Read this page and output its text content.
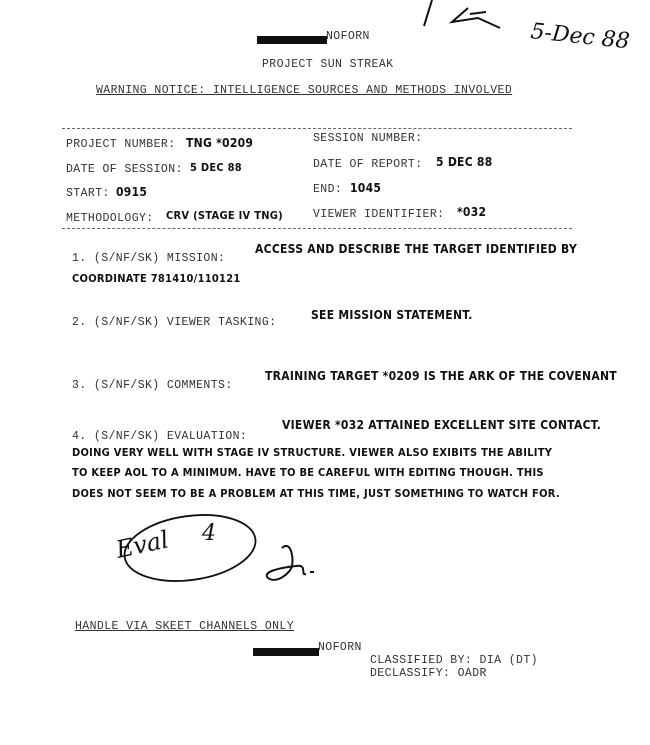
5-Dec 88
Eval 4
NOFORN
PROJECT SUN STREAK
WARNING NOTICE: INTELLIGENCE SOURCES AND METHODS INVOLVED
PROJECT NUMBER: TNG *0209	SESSION NUMBER:
DATE OF SESSION: 5 DEC 88	DATE OF REPORT: 5 DEC 88
START: 0915	END: 1045
METHODOLOGY: CRV (STAGE IV TNG)	VIEWER IDENTIFIER: *032
1. (S/NF/SK) MISSION:
ACCESS AND DESCRIBE THE TARGET IDENTIFIED BY
COORDINATE 781410/110121
2. (S/NF/SK) VIEWER TASKING:
SEE MISSION STATEMENT.
3. (S/NF/SK) COMMENTS:
TRAINING TARGET *0209 IS THE ARK OF THE COVENANT
4. (S/NF/SK) EVALUATION:
VIEWER *032 ATTAINED EXCELLENT SITE CONTACT.
DOING VERY WELL WITH STAGE IV STRUCTURE. VIEWER ALSO EXIBITS THE ABILITY
TO KEEP AOL TO A MINIMUM. HAVE TO BE CAREFUL WITH EDITING THOUGH. THIS
DOES NOT SEEM TO BE A PROBLEM AT THIS TIME, JUST SOMETHING TO WATCH FOR.
HANDLE VIA SKEET CHANNELS ONLY
NOFORN
CLASSIFIED BY: DIA (DT)
DECLASSIFY: OADR
